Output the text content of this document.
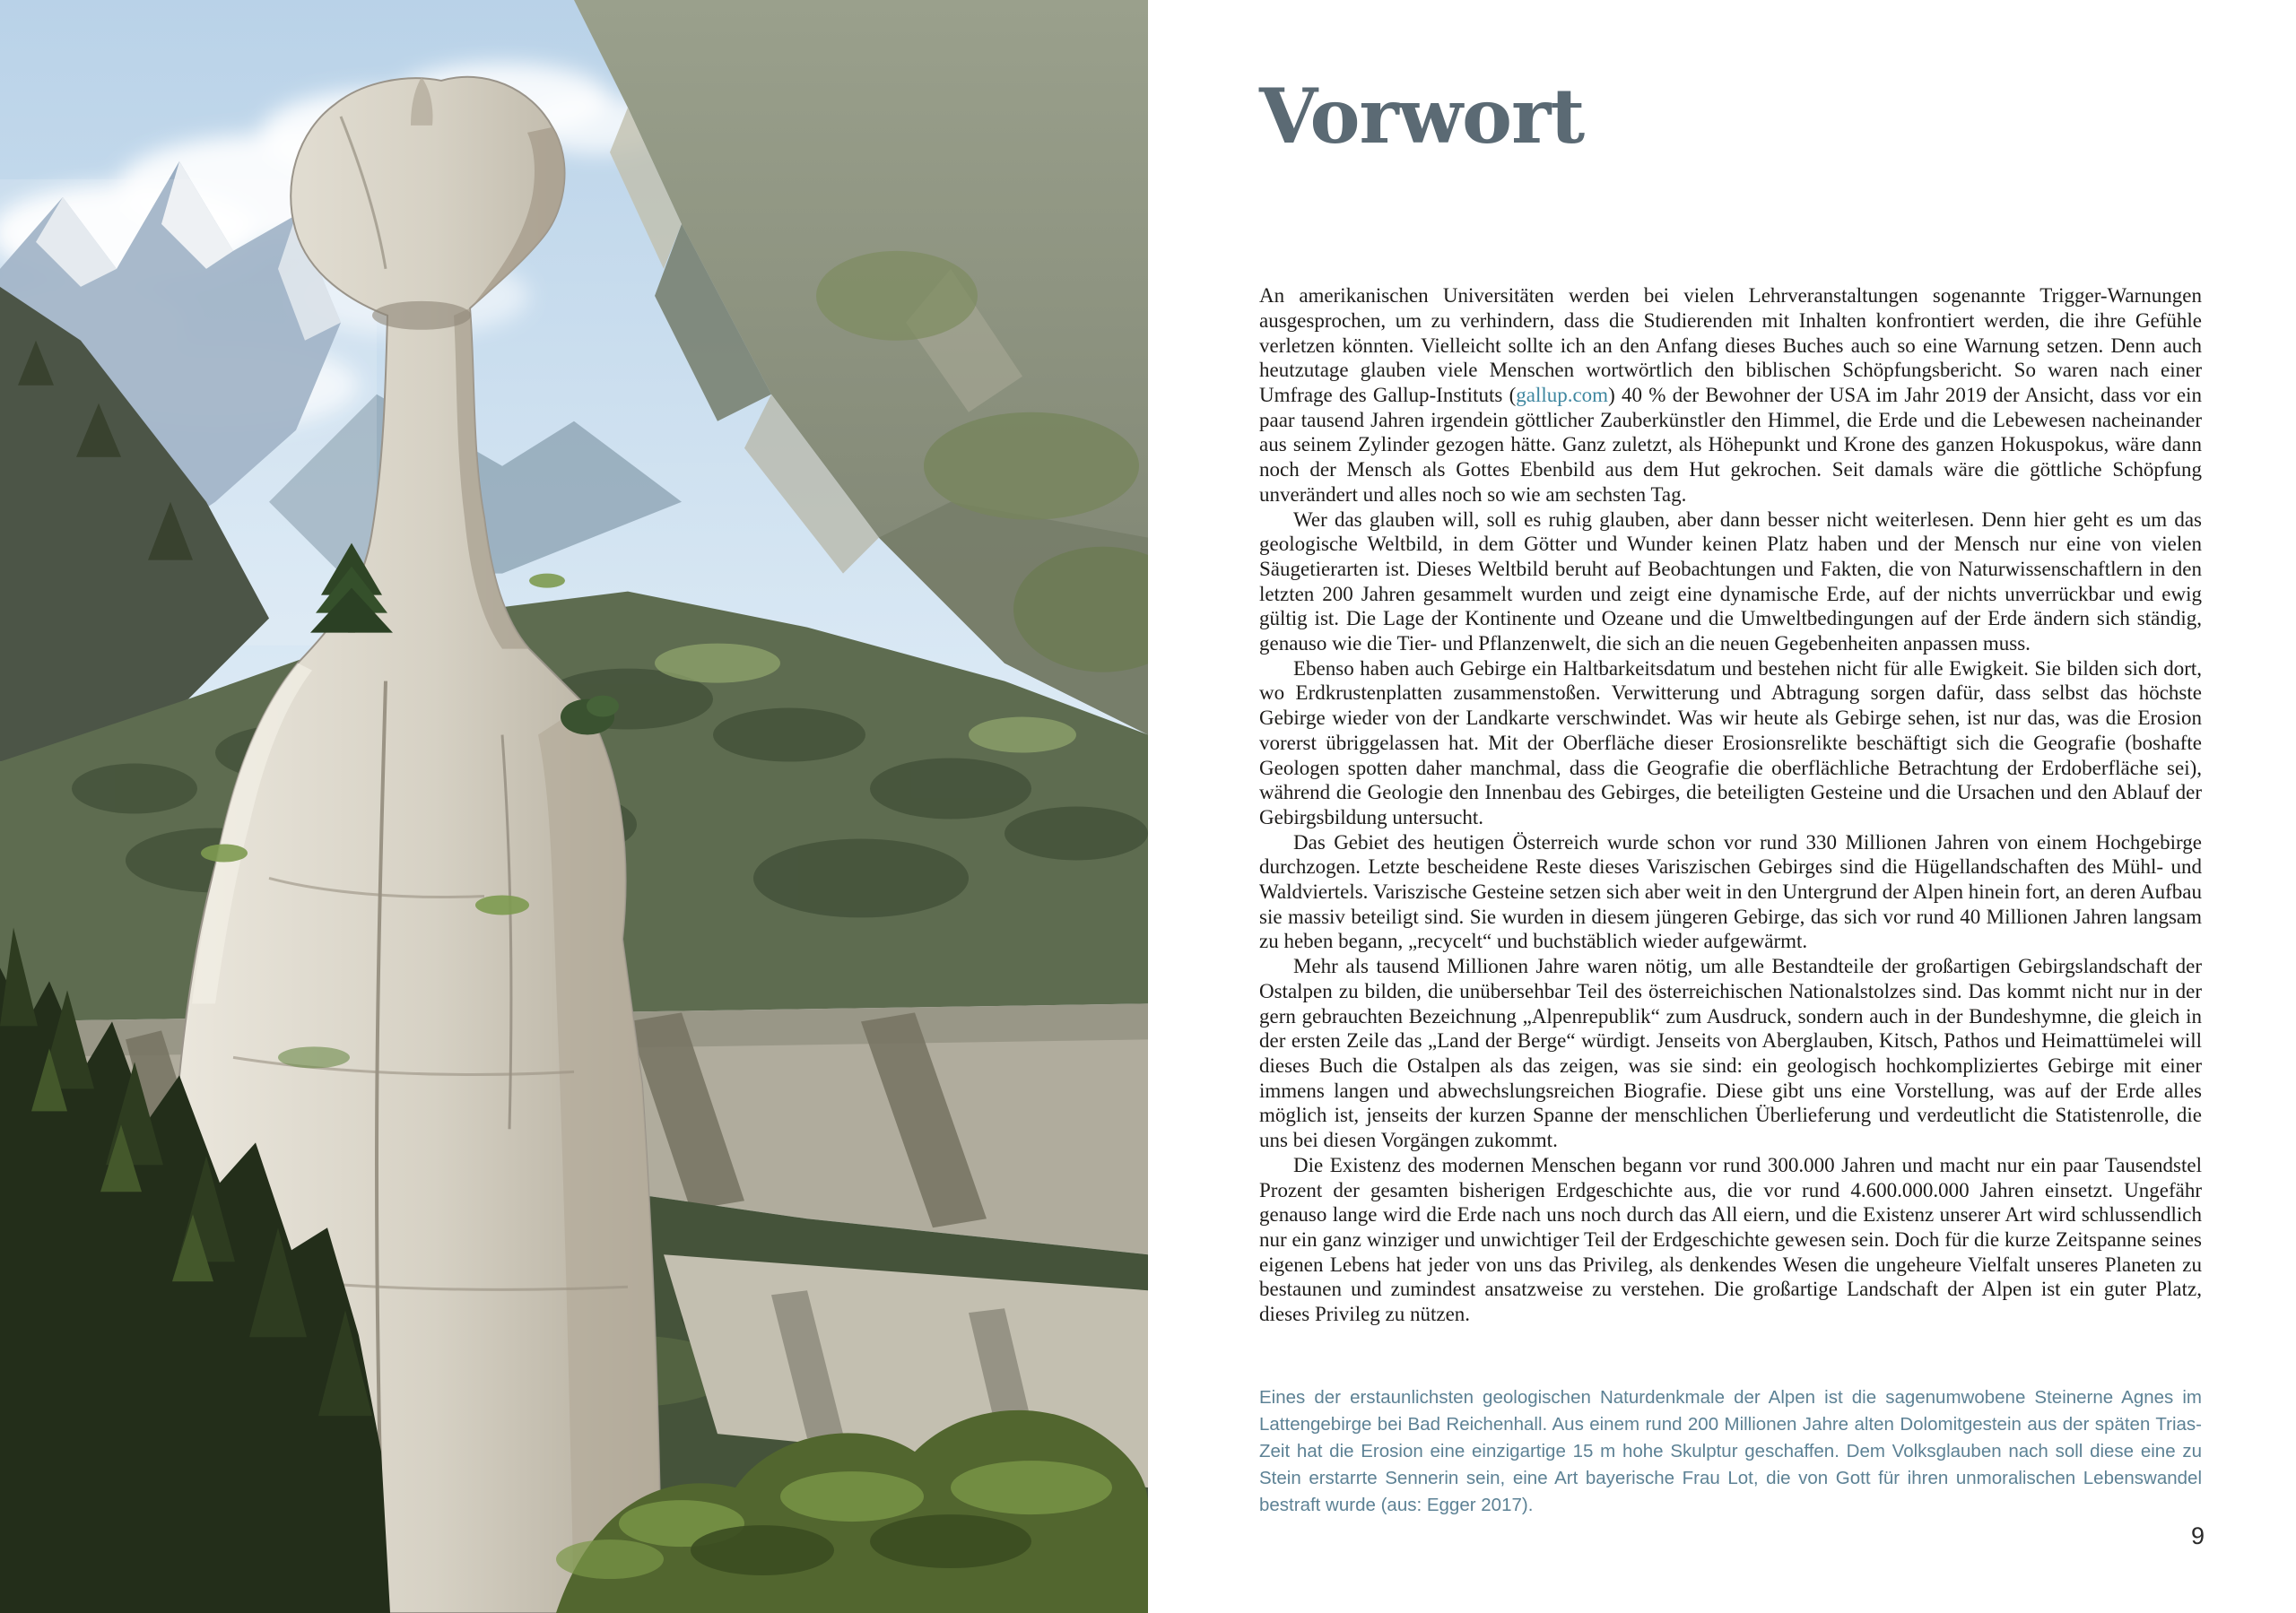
Vorwort

An amerikanischen Universitäten werden bei vielen Lehrveranstaltungen sogenannte Trigger-Warnungen ausgesprochen, um zu verhindern, dass die Studierenden mit Inhalten konfrontiert werden, die ihre Gefühle verletzen könnten. Vielleicht sollte ich an den Anfang dieses Buches auch so eine Warnung setzen. Denn auch heutzutage glauben viele Menschen wortwörtlich den biblischen Schöpfungsbericht. So waren nach einer Umfrage des Gallup-Instituts (gallup.com) 40 % der Bewohner der USA im Jahr 2019 der Ansicht, dass vor ein paar tausend Jahren irgendein göttlicher Zauberkünstler den Himmel, die Erde und die Lebewesen nacheinander aus seinem Zylinder gezogen hätte. Ganz zuletzt, als Höhepunkt und Krone des ganzen Hokuspokus, wäre dann noch der Mensch als Gottes Ebenbild aus dem Hut gekrochen. Seit damals wäre die göttliche Schöpfung unverändert und alles noch so wie am sechsten Tag.

Wer das glauben will, soll es ruhig glauben, aber dann besser nicht weiterlesen. Denn hier geht es um das geologische Weltbild, in dem Götter und Wunder keinen Platz haben und der Mensch nur eine von vielen Säugetierarten ist. Dieses Weltbild beruht auf Beobachtungen und Fakten, die von Naturwissenschaftlern in den letzten 200 Jahren gesammelt wurden und zeigt eine dynamische Erde, auf der nichts unverrückbar und ewig gültig ist. Die Lage der Kontinente und Ozeane und die Umweltbedingungen auf der Erde ändern sich ständig, genauso wie die Tier- und Pflanzenwelt, die sich an die neuen Gegebenheiten anpassen muss.

Ebenso haben auch Gebirge ein Haltbarkeitsdatum und bestehen nicht für alle Ewigkeit. Sie bilden sich dort, wo Erdkrustenplatten zusammenstoßen. Verwitterung und Abtragung sorgen dafür, dass selbst das höchste Gebirge wieder von der Landkarte verschwindet. Was wir heute als Gebirge sehen, ist nur das, was die Erosion vorerst übriggelassen hat. Mit der Oberfläche dieser Erosionsrelikte beschäftigt sich die Geografie (boshafte Geologen spotten daher manchmal, dass die Geografie die oberflächliche Betrachtung der Erdoberfläche sei), während die Geologie den Innenbau des Gebirges, die beteiligten Gesteine und die Ursachen und den Ablauf der Gebirgsbildung untersucht.

Das Gebiet des heutigen Österreich wurde schon vor rund 330 Millionen Jahren von einem Hochgebirge durchzogen. Letzte bescheidene Reste dieses Variszischen Gebirges sind die Hügellandschaften des Mühl- und Waldviertels. Variszische Gesteine setzen sich aber weit in den Untergrund der Alpen hinein fort, an deren Aufbau sie massiv beteiligt sind. Sie wurden in diesem jüngeren Gebirge, das sich vor rund 40 Millionen Jahren langsam zu heben begann, „recycelt“ und buchstäblich wieder aufgewärmt.

Mehr als tausend Millionen Jahre waren nötig, um alle Bestandteile der großartigen Gebirgslandschaft der Ostalpen zu bilden, die unübersehbar Teil des österreichischen Nationalstolzes sind. Das kommt nicht nur in der gern gebrauchten Bezeichnung „Alpenrepublik“ zum Ausdruck, sondern auch in der Bundeshymne, die gleich in der ersten Zeile das „Land der Berge“ würdigt. Jenseits von Aberglauben, Kitsch, Pathos und Heimattümelei will dieses Buch die Ostalpen als das zeigen, was sie sind: ein geologisch hochkompliziertes Gebirge mit einer immens langen und abwechslungsreichen Biografie. Diese gibt uns eine Vorstellung, was auf der Erde alles möglich ist, jenseits der kurzen Spanne der menschlichen Überlieferung und verdeutlicht die Statistenrolle, die uns bei diesen Vorgängen zukommt.

Die Existenz des modernen Menschen begann vor rund 300.000 Jahren und macht nur ein paar Tausendstel Prozent der gesamten bisherigen Erdgeschichte aus, die vor rund 4.600.000.000 Jahren einsetzt. Ungefähr genauso lange wird die Erde nach uns noch durch das All eiern, und die Existenz unserer Art wird schlussendlich nur ein ganz winziger und unwichtiger Teil der Erdgeschichte gewesen sein. Doch für die kurze Zeitspanne seines eigenen Lebens hat jeder von uns das Privileg, als denkendes Wesen die ungeheure Vielfalt unseres Planeten zu bestaunen und zumindest ansatzweise zu verstehen. Die großartige Landschaft der Alpen ist ein guter Platz, dieses Privileg zu nützen.

Eines der erstaunlichsten geologischen Naturdenkmale der Alpen ist die sagenumwobene Steinerne Agnes im Lattengebirge bei Bad Reichenhall. Aus einem rund 200 Millionen Jahre alten Dolomitgestein aus der späten Trias-Zeit hat die Erosion eine einzigartige 15 m hohe Skulptur geschaffen. Dem Volksglauben nach soll diese eine zu Stein erstarrte Sennerin sein, eine Art bayerische Frau Lot, die von Gott für ihren unmoralischen Lebenswandel bestraft wurde (aus: Egger 2017).
9
